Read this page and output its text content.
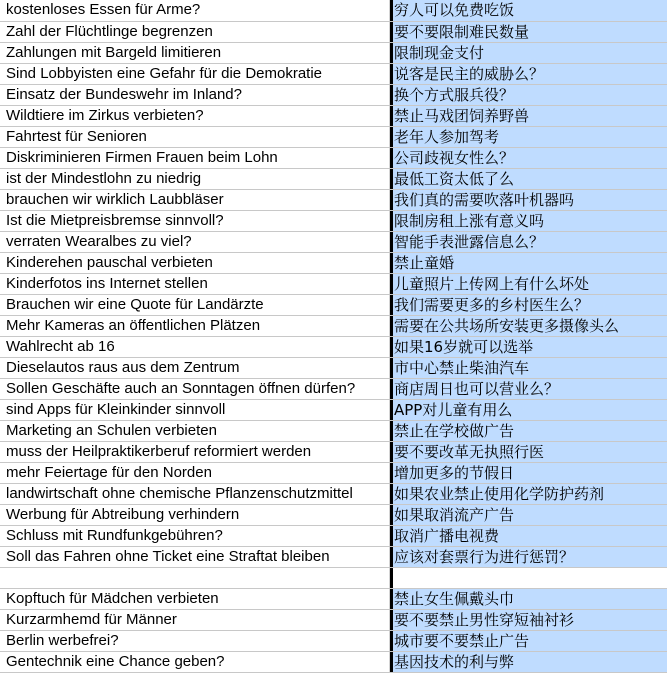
kostenloses Essen für Arme?	穷人可以免费吃饭
Zahl der Flüchtlinge begrenzen	要不要限制难民数量
Zahlungen mit Bargeld limitieren	限制现金支付
Sind Lobbyisten eine Gefahr für die Demokratie	说客是民主的威胁么？
Einsatz der Bundeswehr im Inland?	换个方式服兵役？
Wildtiere im Zirkus verbieten?	禁止马戏团饲养野兽
Fahrtest für Senioren	老年人参加驾考
Diskriminieren Firmen Frauen beim Lohn	公司歧视女性么？
ist der Mindestlohn zu niedrig	最低工资太低了么
brauchen wir wirklich Laubbläser	我们真的需要吹落叶机器吗
Ist die Mietpreisbremse sinnvoll?	限制房租上涨有意义吗
verraten Wearalbes zu viel?	智能手表泄露信息么？
Kinderehen pauschal verbieten	禁止童婚
Kinderfotos ins Internet stellen	儿童照片上传网上有什么坏处
Brauchen wir eine Quote für Landärzte	我们需要更多的乡村医生么？
Mehr Kameras an öffentlichen Plätzen	需要在公共场所安装更多摄像头么
Wahlrecht ab 16	如果16岁就可以选举
Dieselautos raus aus dem Zentrum	市中心禁止柴油汽车
Sollen Geschäfte auch an Sonntagen öffnen dürfen?	商店周日也可以营业么？
sind Apps für Kleinkinder sinnvoll	APP对儿童有用么
Marketing an Schulen verbieten	禁止在学校做广告
muss der Heilpraktikerberuf reformiert werden	要不要改革无执照行医
mehr Feiertage für den Norden	增加更多的节假日
landwirtschaft ohne chemische Pflanzenschutzmittel	如果农业禁止使用化学防护药剂
Werbung für Abtreibung verhindern	如果取消流产广告
Schluss mit Rundfunkgebühren?	取消广播电视费
Soll das Fahren ohne Ticket eine Straftat bleiben	应该对套票行为进行惩罚？
Kopftuch für Mädchen verbieten	禁止女生佩戴头巾
Kurzarmhemd für Männer	要不要禁止男性穿短袖衬衫
Berlin werbefrei?	城市要不要禁止广告
Gentechnik eine Chance geben?	基因技术的利与弊
